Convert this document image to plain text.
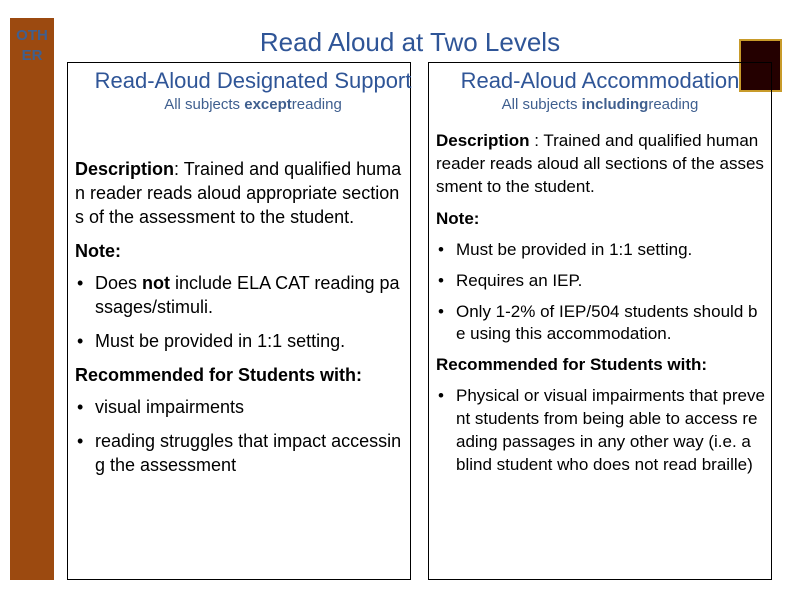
OTHER	Read Aloud at Two Levels
Read-Aloud Designated Support
All subjects exceptreading

Description: Trained and qualified human reader reads aloud appropriate sections of the assessment to the student.

Note:

• Does not include ELA CAT reading passages/stimuli.
• Must be provided in 1:1 setting.

Recommended for Students with:

• visual impairments
• reading struggles that impact accessing the assessment
Read-Aloud Accommodation
All subjects includingreading

Description : Trained and qualified human reader reads aloud all sections of the assessment to the student.

Note:

• Must be provided in 1:1 setting.
• Requires an IEP.
• Only 1-2% of IEP/504 students should be using this accommodation.

Recommended for Students with:

• Physical or visual impairments that prevent students from being able to access reading passages in any other way (i.e. a blind student who does not read braille)
